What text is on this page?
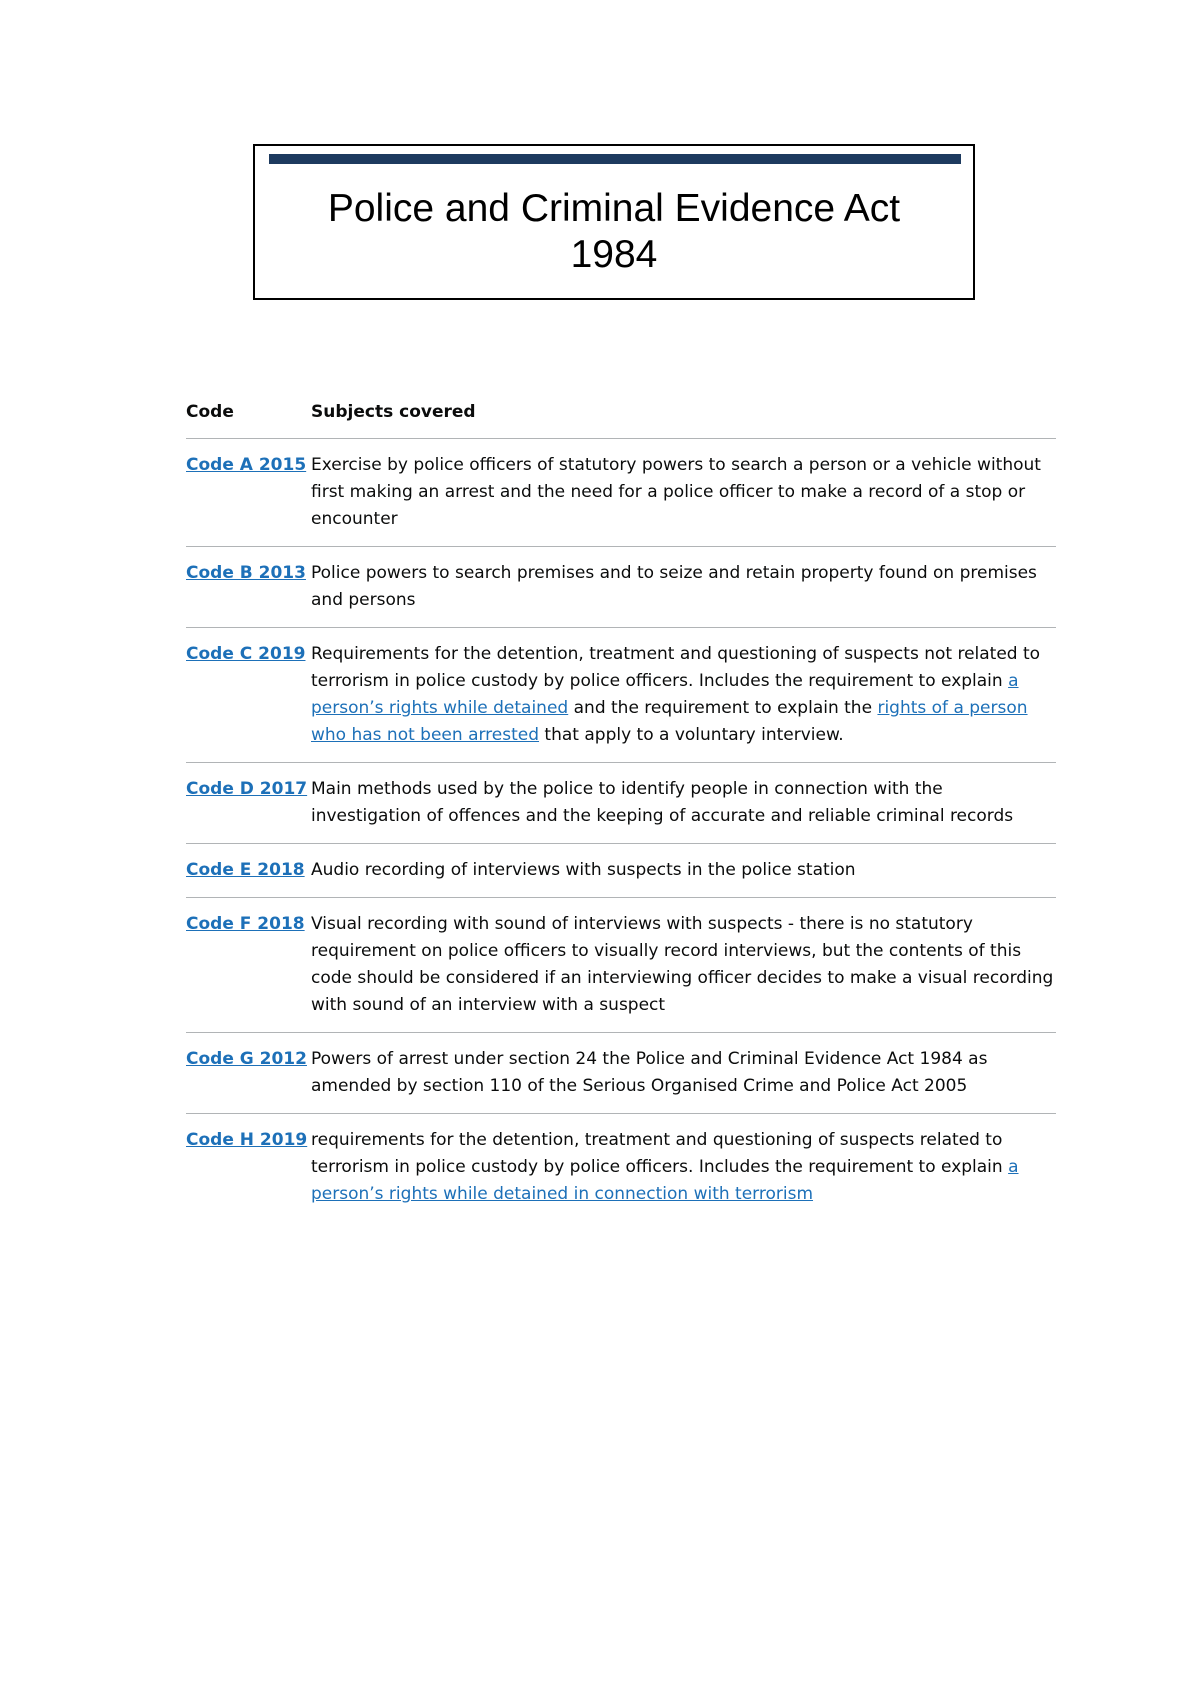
Police and Criminal Evidence Act 1984
Code	Subjects covered
Code A 2015	Exercise by police officers of statutory powers to search a person or a vehicle without first making an arrest and the need for a police officer to make a record of a stop or encounter
Code B 2013	Police powers to search premises and to seize and retain property found on premises and persons
Code C 2019	Requirements for the detention, treatment and questioning of suspects not related to terrorism in police custody by police officers. Includes the requirement to explain a person’s rights while detained and the requirement to explain the rights of a person who has not been arrested that apply to a voluntary interview.
Code D 2017	Main methods used by the police to identify people in connection with the investigation of offences and the keeping of accurate and reliable criminal records
Code E 2018	Audio recording of interviews with suspects in the police station
Code F 2018	Visual recording with sound of interviews with suspects - there is no statutory requirement on police officers to visually record interviews, but the contents of this code should be considered if an interviewing officer decides to make a visual recording with sound of an interview with a suspect
Code G 2012	Powers of arrest under section 24 the Police and Criminal Evidence Act 1984 as amended by section 110 of the Serious Organised Crime and Police Act 2005
Code H 2019	requirements for the detention, treatment and questioning of suspects related to terrorism in police custody by police officers. Includes the requirement to explain a person’s rights while detained in connection with terrorism
